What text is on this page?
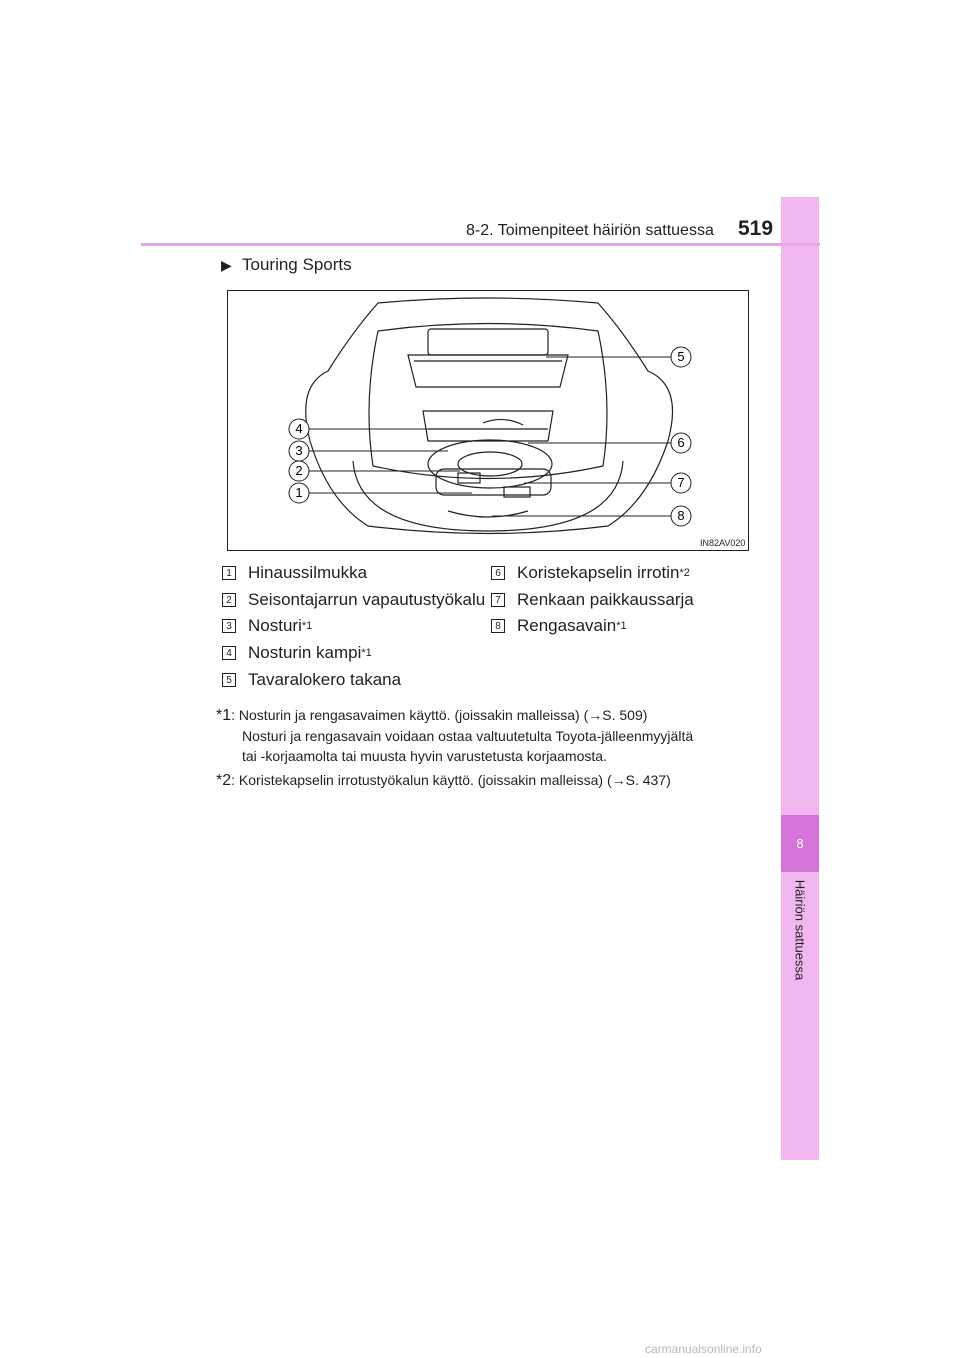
8
Häiriön sattuessa
8-2. Toimenpiteet häiriön sattuessa 519
▶ Touring Sports
4
3
2
1
5
6
7
8
IN82AV020
1 Hinaussilmukka
2 Seisontajarrun vapautustyökalu
3 Nosturi *1
4 Nosturin kampi *1
5 Tavaralokero takana
6 Koristekapselin irrotin *2
7 Renkaan paikkaussarja
8 Rengasavain *1
*1: Nosturin ja rengasavaimen käyttö. (joissakin malleissa) (→S. 509)
Nosturi ja rengasavain voidaan ostaa valtuutetulta Toyota-jälleenmyyjältä
tai -korjaamolta tai muusta hyvin varustetusta korjaamosta.
*2: Koristekapselin irrotustyökalun käyttö. (joissakin malleissa) (→S. 437)
carmanualsonline.info
